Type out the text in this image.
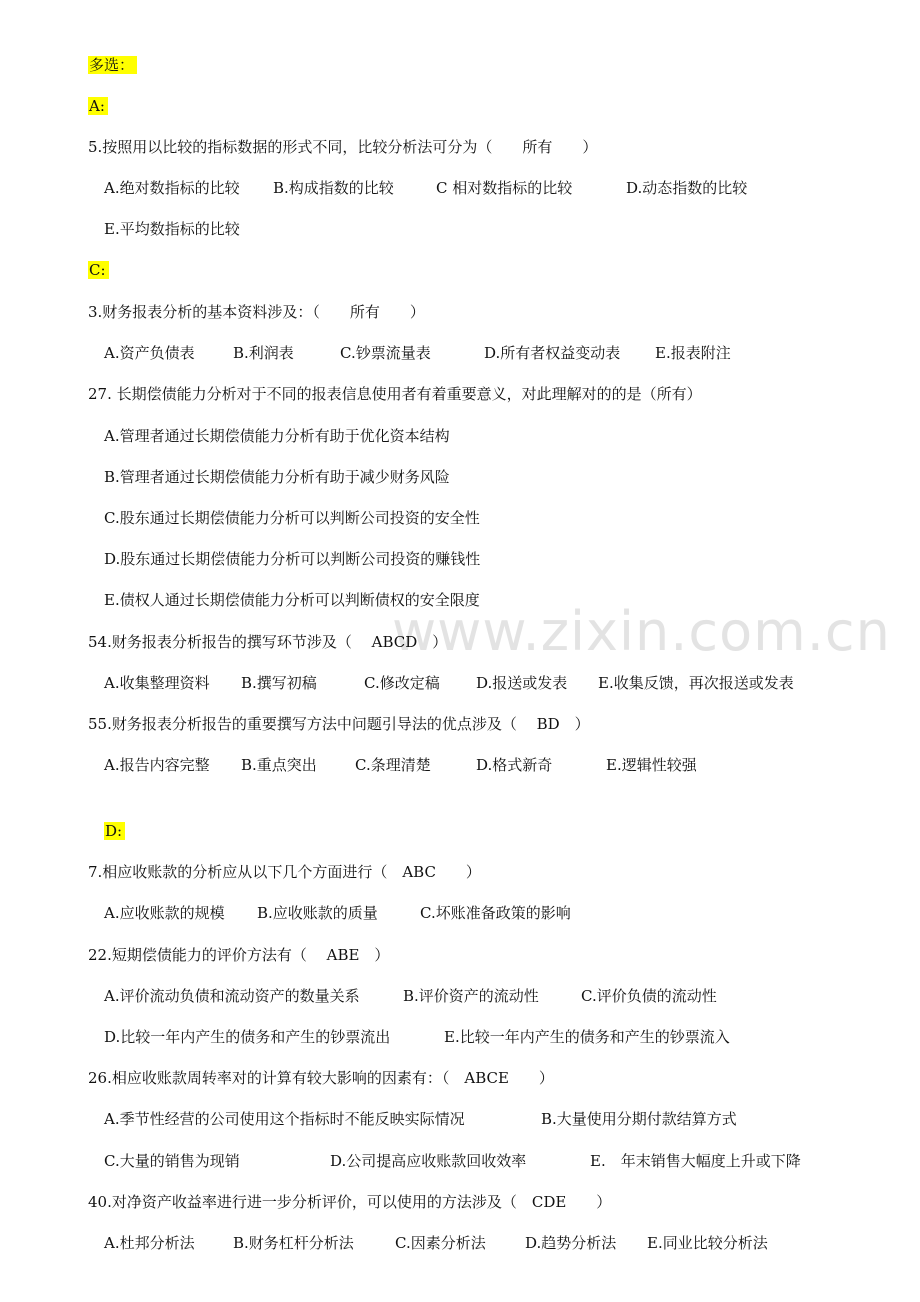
www.zixin.com.cn
多选：
A:
5.按照用以比较的指标数据的形式不同，比较分析法可分为（　　所有　　）
A.绝对数指标的比较 B.构成指数的比较	C 相对数指标的比较	D.动态指数的比较
E.平均数指标的比较
C:
3.财务报表分析的基本资料涉及：（　　所有　　）
A.资产负债表	B.利润表	C.钞票流量表	D.所有者权益变动表 E.报表附注
27. 长期偿债能力分析对于不同的报表信息使用者有着重要意义，对此理解对的的是（所有）
A.管理者通过长期偿债能力分析有助于优化资本结构
B.管理者通过长期偿债能力分析有助于减少财务风险
C.股东通过长期偿债能力分析可以判断公司投资的安全性
D.股东通过长期偿债能力分析可以判断公司投资的赚钱性
E.债权人通过长期偿债能力分析可以判断债权的安全限度
54.财务报表分析报告的撰写环节涉及（　 ABCD　）
A.收集整理资料 B.撰写初稿	C.修改定稿 D.报送或发表 E.收集反馈，再次报送或发表
55.财务报表分析报告的重要撰写方法中问题引导法的优点涉及（　 BD　）
A.报告内容完整 B.重点突出	C.条理清楚	D.格式新奇	E.逻辑性较强
D:
7.相应收账款的分析应从以下几个方面进行（　ABC　　）
A.应收账款的规模 B.应收账款的质量	C.坏账准备政策的影响
22.短期偿债能力的评价方法有（　 ABE　）
A.评价流动负债和流动资产的数量关系	B.评价资产的流动性	C.评价负债的流动性
D.比较一年内产生的债务和产生的钞票流出	E.比较一年内产生的债务和产生的钞票流入
26.相应收账款周转率对的计算有较大影响的因素有：（　ABCE　　）
A.季节性经营的公司使用这个指标时不能反映实际情况	B.大量使用分期付款结算方式
C.大量的销售为现销	D.公司提高应收账款回收效率	E.　年末销售大幅度上升或下降
40.对净资产收益率进行进一步分析评价，可以使用的方法涉及（　CDE　　）
A.杜邦分析法	B.财务杠杆分析法	C.因素分析法	D.趋势分析法 E.同业比较分析法
